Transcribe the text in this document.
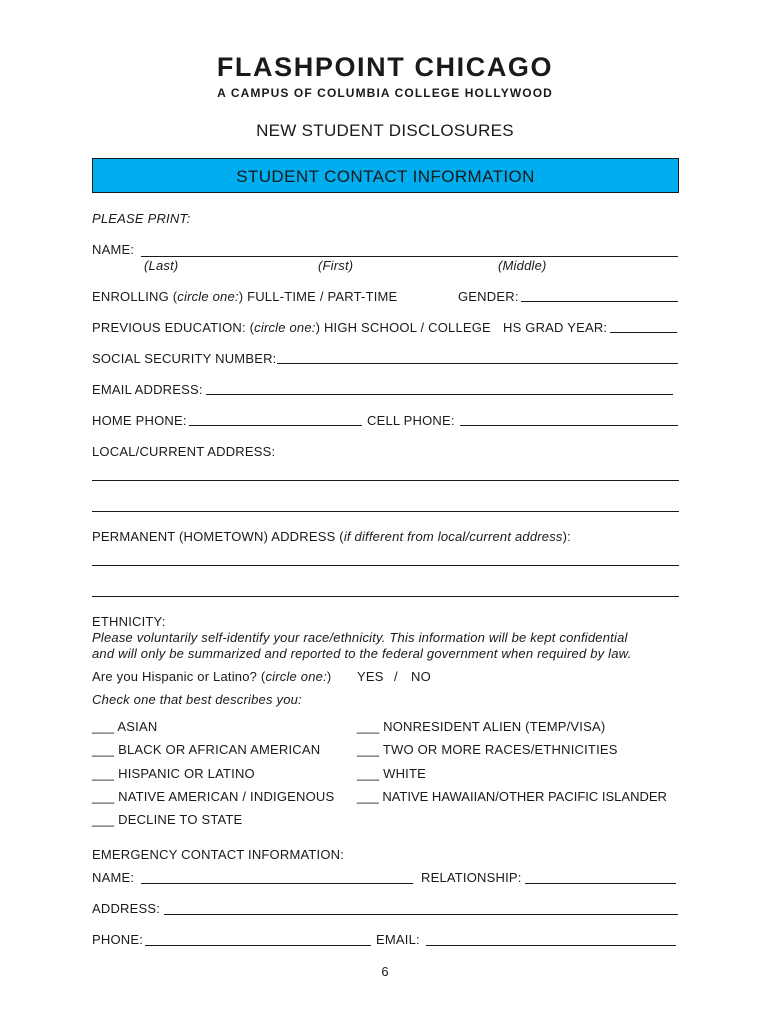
FLASHPOINT CHICAGO
A CAMPUS OF COLUMBIA COLLEGE HOLLYWOOD
NEW STUDENT DISCLOSURES
STUDENT CONTACT INFORMATION
PLEASE PRINT:
NAME:
(Last)	(First)	(Middle)
ENROLLING (circle one:) FULL-TIME / PART-TIME	GENDER:
PREVIOUS EDUCATION: (circle one:) HIGH SCHOOL / COLLEGE HS GRAD YEAR:
SOCIAL SECURITY NUMBER:
EMAIL ADDRESS:
HOME PHONE:	CELL PHONE:
LOCAL/CURRENT ADDRESS:
PERMANENT (HOMETOWN) ADDRESS (if different from local/current address):
ETHNICITY:
Please voluntarily self-identify your race/ethnicity. This information will be kept confidential
and will only be summarized and reported to the federal government when required by law.
Are you Hispanic or Latino? (circle one:) YES / NO
Check one that best describes you:
___ ASIAN
___ BLACK OR AFRICAN AMERICAN
___ HISPANIC OR LATINO
___ NATIVE AMERICAN / INDIGENOUS
___ DECLINE TO STATE
___ NONRESIDENT ALIEN (TEMP/VISA)
___ TWO OR MORE RACES/ETHNICITIES
___ WHITE
___ NATIVE HAWAIIAN/OTHER PACIFIC ISLANDER
EMERGENCY CONTACT INFORMATION:
NAME:	RELATIONSHIP:
ADDRESS:
PHONE:	EMAIL:
6
